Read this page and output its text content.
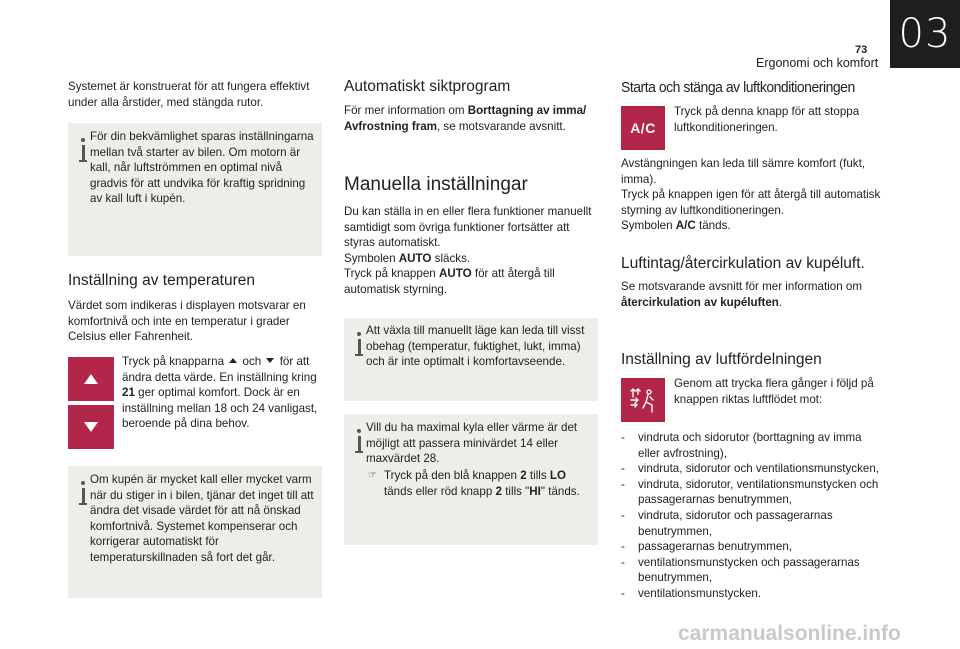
73
Ergonomi och komfort
03
Systemet är konstruerat för att fungera effektivt under alla årstider, med stängda rutor.
För din bekvämlighet sparas inställningarna mellan två starter av bilen. Om motorn är kall, når luftströmmen en optimal nivå gradvis för att undvika för kraftig spridning av kall luft i kupén.
Inställning av temperaturen
Värdet som indikeras i displayen motsvarar en komfortnivå och inte en temperatur i grader Celsius eller Fahrenheit.
Tryck på knapparna och för att ändra detta värde. En inställning kring 21 ger optimal komfort. Dock är en inställning mellan 18 och 24 vanligast, beroende på dina behov.
Om kupén är mycket kall eller mycket varm när du stiger in i bilen, tjänar det inget till att ändra det visade värdet för att nå önskad komfortnivå. Systemet kompenserar och korrigerar automatiskt för temperaturskillnaden så fort det går.
Automatiskt siktprogram
För mer information om Borttagning av imma/ Avfrostning fram, se motsvarande avsnitt.
Manuella inställningar
Du kan ställa in en eller flera funktioner manuellt samtidigt som övriga funktioner fortsätter att styras automatiskt.
Symbolen AUTO släcks.
Tryck på knappen AUTO för att återgå till automatisk styrning.
Att växla till manuellt läge kan leda till visst obehag (temperatur, fuktighet, lukt, imma) och är inte optimalt i komfortavseende.
Vill du ha maximal kyla eller värme är det möjligt att passera minivärdet 14 eller maxvärdet 28.
☞ Tryck på den blå knappen 2 tills LO tänds eller röd knapp 2 tills "HI" tänds.
Starta och stänga av luftkonditioneringen
A/C
Tryck på denna knapp för att stoppa luftkonditioneringen.
Avstängningen kan leda till sämre komfort (fukt, imma).
Tryck på knappen igen för att återgå till automatisk styrning av luftkonditioneringen.
Symbolen A/C tänds.
Luftintag/återcirkulation av kupéluft.
Se motsvarande avsnitt för mer information om återcirkulation av kupéluften.
Inställning av luftfördelningen
Genom att trycka flera gånger i följd på knappen riktas luftflödet mot:
- vindruta och sidorutor (borttagning av imma eller avfrostning),
- vindruta, sidorutor och ventilationsmunstycken,
- vindruta, sidorutor, ventilationsmunstycken och passagerarnas benutrymmen,
- vindruta, sidorutor och passagerarnas benutrymmen,
- passagerarnas benutrymmen,
- ventilationsmunstycken och passagerarnas benutrymmen,
- ventilationsmunstycken.
carmanualsonline.info
